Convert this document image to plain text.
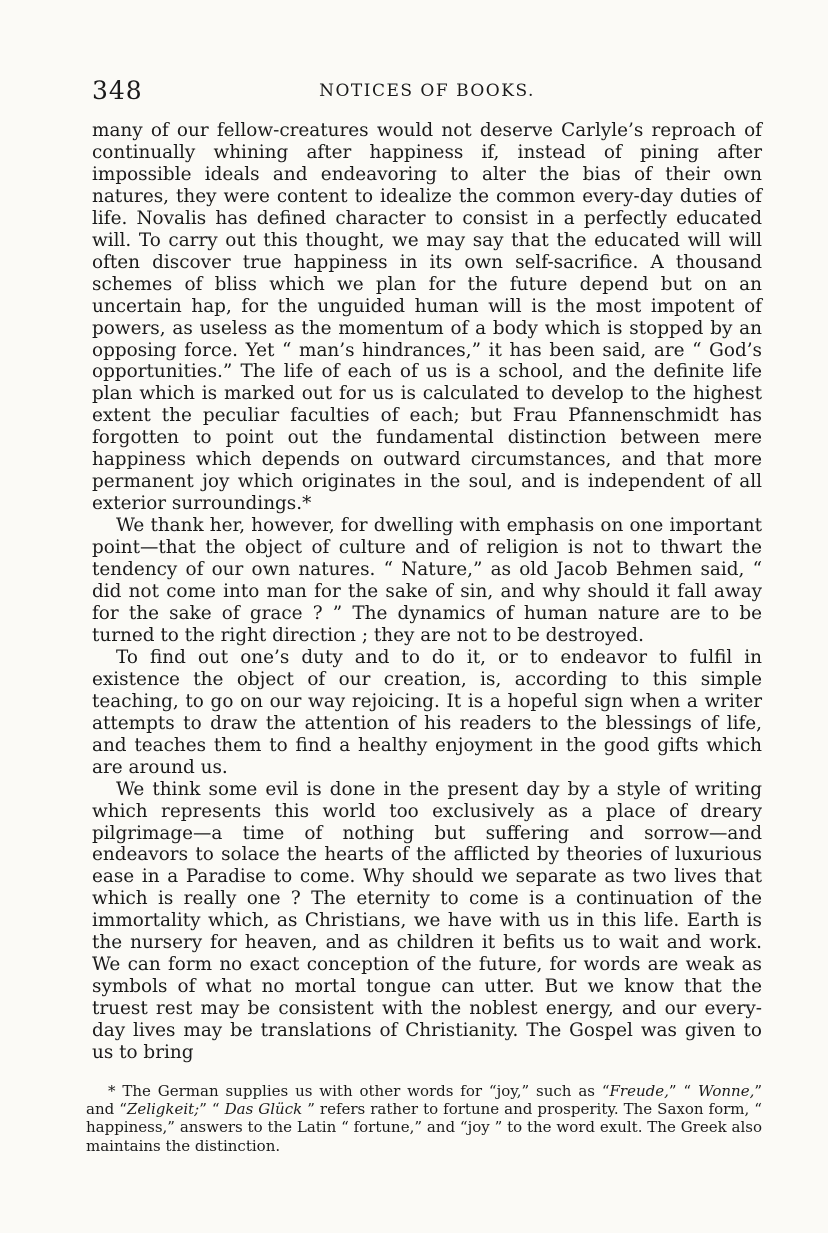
348	NOTICES OF BOOKS.

many of our fellow-creatures would not deserve Carlyle’s reproach of continually whining after happiness if, instead of pining after impossible ideals and endeavoring to alter the bias of their own natures, they were content to idealize the common every-day duties of life. Novalis has defined character to consist in a perfectly educated will. To carry out this thought, we may say that the educated will will often discover true happiness in its own self-sacrifice. A thousand schemes of bliss which we plan for the future depend but on an uncertain hap, for the unguided human will is the most impotent of powers, as useless as the momentum of a body which is stopped by an opposing force. Yet “ man’s hindrances,” it has been said, are “ God’s opportunities.” The life of each of us is a school, and the definite life plan which is marked out for us is calculated to develop to the highest extent the peculiar faculties of each; but Frau Pfannenschmidt has forgotten to point out the fundamental distinction between mere happiness which depends on outward circumstances, and that more permanent joy which originates in the soul, and is independent of all exterior surroundings.*

We thank her, however, for dwelling with emphasis on one important point—that the object of culture and of religion is not to thwart the tendency of our own natures. “ Nature,” as old Jacob Behmen said, “ did not come into man for the sake of sin, and why should it fall away for the sake of grace ? ” The dynamics of human nature are to be turned to the right direction ; they are not to be destroyed.

To find out one’s duty and to do it, or to endeavor to fulfil in existence the object of our creation, is, according to this simple teaching, to go on our way rejoicing. It is a hopeful sign when a writer attempts to draw the attention of his readers to the blessings of life, and teaches them to find a healthy enjoyment in the good gifts which are around us.

We think some evil is done in the present day by a style of writing which represents this world too exclusively as a place of dreary pilgrimage—a time of nothing but suffering and sorrow—and endeavors to solace the hearts of the afflicted by theories of luxurious ease in a Paradise to come. Why should we separate as two lives that which is really one ? The eternity to come is a continuation of the immortality which, as Christians, we have with us in this life. Earth is the nursery for heaven, and as children it befits us to wait and work. We can form no exact conception of the future, for words are weak as symbols of what no mortal tongue can utter. But we know that the truest rest may be consistent with the noblest energy, and our every-day lives may be translations of Christianity. The Gospel was given to us to bring

* The German supplies us with other words for “joy,” such as “Freude,” “ Wonne,” and “Zeligkeit;” “ Das Glück ” refers rather to fortune and prosperity. The Saxon form, “ happiness,” answers to the Latin “ fortune,” and “joy ” to the word exult. The Greek also maintains the distinction.
